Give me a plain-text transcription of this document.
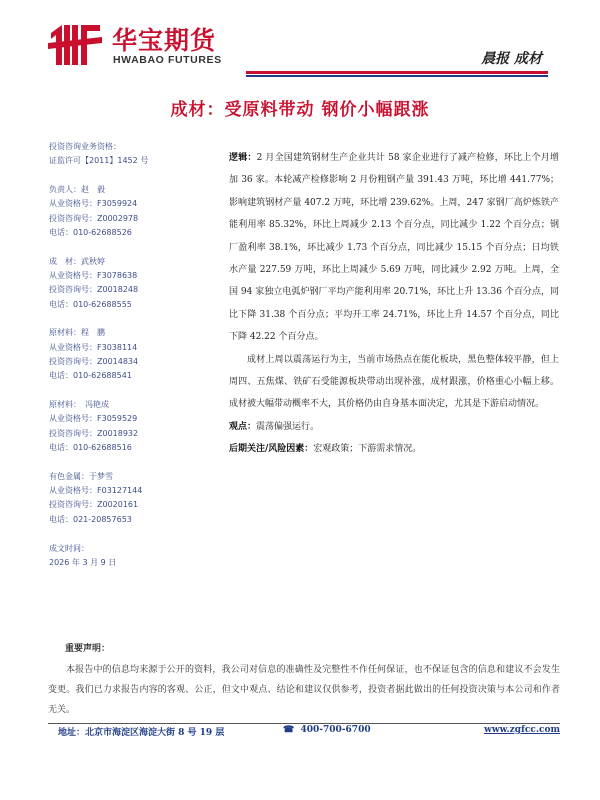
华宝期货
HWABAO FUTURES	晨报 成材
成材：受原料带动 钢价小幅跟涨
投资咨询业务资格：
证监许可【2011】1452 号
负责人：赵　毅
从业资格号：F3059924
投资咨询号：Z0002978
电话：010-62688526
成　材：武秋婷
从业资格号：F3078638
投资咨询号：Z0018248
电话：010-62688555
原材料：程　鹏
从业资格号：F3038114
投资咨询号：Z0014834
电话：010-62688541
原材料：　冯艳成
从业资格号：F3059529
投资咨询号：Z0018932
电话：010-62688516
有色金属：于梦雪
从业资格号：F03127144
投资咨询号：Z0020161
电话：021-20857653
成文时间：
2026 年 3 月 9 日

逻辑：2 月全国建筑钢材生产企业共计 58 家企业进行了减产检修，环比上个月增加 36 家。本轮减产检修影响 2 月份粗钢产量 391.43 万吨，环比增 441.77%；影响建筑钢材产量 407.2 万吨，环比增 239.62%。上周，247 家钢厂高炉炼铁产能利用率 85.32%，环比上周减少 2.13 个百分点，同比减少 1.22 个百分点；钢厂盈利率 38.1%，环比减少 1.73 个百分点，同比减少 15.15 个百分点；日均铁水产量 227.59 万吨，环比上周减少 5.69 万吨，同比减少 2.92 万吨。上周，全国 94 家独立电弧炉钢厂平均产能利用率 20.71%，环比上升 13.36 个百分点，同比下降 31.38 个百分点；平均开工率 24.71%，环比上升 14.57 个百分点，同比下降 42.22 个百分点。

成材上周以震荡运行为主，当前市场热点在能化板块，黑色整体较平静，但上周四、五焦煤、铁矿石受能源板块带动出现补涨，成材跟涨，价格重心小幅上移。成材被大幅带动概率不大，其价格仍由自身基本面决定，尤其是下游启动情况。

观点：震荡偏强运行。

后期关注/风险因素：宏观政策；下游需求情况。

重要声明：
本报告中的信息均来源于公开的资料，我公司对信息的准确性及完整性不作任何保证，也不保证包含的信息和建议不会发生变更。我们已力求报告内容的客观、公正，但文中观点、结论和建议仅供参考，投资者据此做出的任何投资决策与本公司和作者无关。
地址：北京市海淀区海淀大街 8 号 19 层	☎ 400-700-6700	www.zgfcc.com
